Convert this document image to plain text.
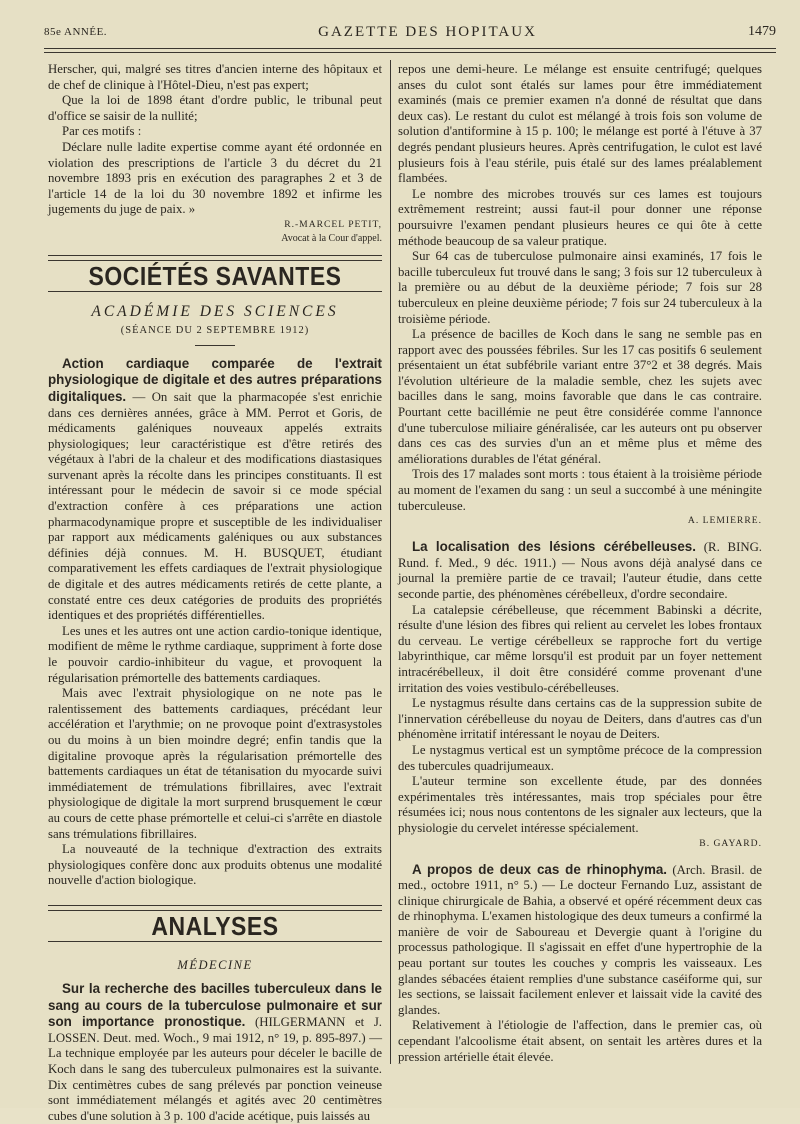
85e ANNÉE.	GAZETTE DES HOPITAUX	1479

Herscher, qui, malgré ses titres d'ancien interne des hôpitaux et de chef de clinique à l'Hôtel-Dieu, n'est pas expert;

Que la loi de 1898 étant d'ordre public, le tribunal peut d'office se saisir de la nullité;

Par ces motifs :

Déclare nulle ladite expertise comme ayant été ordonnée en violation des prescriptions de l'article 3 du décret du 21 novembre 1893 pris en exécution des paragraphes 2 et 3 de l'article 14 de la loi du 30 novembre 1892 et infirme les jugements du juge de paix. »

R.-MARCEL PETIT,
Avocat à la Cour d'appel.
SOCIÉTÉS SAVANTES
ACADÉMIE DES SCIENCES
(SÉANCE DU 2 SEPTEMBRE 1912)

Action cardiaque comparée de l'extrait physiologique de digitale et des autres préparations digitaliques. — On sait que la pharmacopée s'est enrichie dans ces dernières années, grâce à MM. Perrot et Goris, de médicaments galéniques nouveaux appelés extraits physiologiques; leur caractéristique est d'être retirés des végétaux à l'abri de la chaleur et des modifications diastasiques survenant après la récolte dans les principes constituants. Il est intéressant pour le médecin de savoir si ce mode spécial d'extraction confère à ces préparations une action pharmacodynamique propre et susceptible de les individualiser par rapport aux médicaments galéniques ou aux substances définies déjà connues. M. H. BUSQUET, étudiant comparativement les effets cardiaques de l'extrait physiologique de digitale et des autres médicaments retirés de cette plante, a constaté entre ces deux catégories de produits des propriétés identiques et des propriétés différentielles.

Les unes et les autres ont une action cardio-tonique identique, modifient de même le rythme cardiaque, suppriment à forte dose le pouvoir cardio-inhibiteur du vague, et provoquent la régularisation prémortelle des battements cardiaques.

Mais avec l'extrait physiologique on ne note pas le ralentissement des battements cardiaques, précédant leur accélération et l'arythmie; on ne provoque point d'extrasystoles ou du moins à un bien moindre degré; enfin tandis que la digitaline provoque après la régularisation prémortelle des battements cardiaques un état de tétanisation du myocarde suivi immédiatement de trémulations fibrillaires, avec l'extrait physiologique de digitale la mort surprend brusquement le cœur au cours de cette phase prémortelle et celui-ci s'arrête en diastole sans trémulations fibrillaires.

La nouveauté de la technique d'extraction des extraits physiologiques confère donc aux produits obtenus une modalité nouvelle d'action biologique.

ANALYSES
MÉDECINE

Sur la recherche des bacilles tuberculeux dans le sang au cours de la tuberculose pulmonaire et sur son importance pronostique. (HILGERMANN et J. LOSSEN. Deut. med. Woch., 9 mai 1912, n° 19, p. 895-897.) — La technique employée par les auteurs pour déceler le bacille de Koch dans le sang des tuberculeux pulmonaires est la suivante. Dix centimètres cubes de sang prélevés par ponction veineuse sont immédiatement mélangés et agités avec 20 centimètres cubes d'une solution à 3 p. 100 d'acide acétique, puis laissés au

repos une demi-heure. Le mélange est ensuite centrifugé; quelques anses du culot sont étalés sur lames pour être immédiatement examinés (mais ce premier examen n'a donné de résultat que dans deux cas). Le restant du culot est mélangé à trois fois son volume de solution d'antiformine à 15 p. 100; le mélange est porté à l'étuve à 37 degrés pendant plusieurs heures. Après centrifugation, le culot est lavé plusieurs fois à l'eau stérile, puis étalé sur des lames préalablement flambées.

Le nombre des microbes trouvés sur ces lames est toujours extrêmement restreint; aussi faut-il pour donner une réponse poursuivre l'examen pendant plusieurs heures ce qui ôte à cette méthode beaucoup de sa valeur pratique.

Sur 64 cas de tuberculose pulmonaire ainsi examinés, 17 fois le bacille tuberculeux fut trouvé dans le sang; 3 fois sur 12 tuberculeux à la première ou au début de la deuxième période; 7 fois sur 28 tuberculeux en pleine deuxième période; 7 fois sur 24 tuberculeux à la troisième période.

La présence de bacilles de Koch dans le sang ne semble pas en rapport avec des poussées fébriles. Sur les 17 cas positifs 6 seulement présentaient un état subfébrile variant entre 37°2 et 38 degrés. Mais l'évolution ultérieure de la maladie semble, chez les sujets avec bacilles dans le sang, moins favorable que dans le cas contraire. Pourtant cette bacillémie ne peut être considérée comme l'annonce d'une tuberculose miliaire généralisée, car les auteurs ont pu observer dans ces cas des survies d'un an et même plus et même des améliorations durables de l'état général.

Trois des 17 malades sont morts : tous étaient à la troisième période au moment de l'examen du sang : un seul a succombé à une méningite tuberculeuse.

A. LEMIERRE.

La localisation des lésions cérébelleuses. (R. BING. Rund. f. Med., 9 déc. 1911.) — Nous avons déjà analysé dans ce journal la première partie de ce travail; l'auteur étudie, dans cette seconde partie, des phénomènes cérébelleux, d'ordre secondaire.

La catalepsie cérébelleuse, que récemment Babinski a décrite, résulte d'une lésion des fibres qui relient au cervelet les lobes frontaux du cerveau. Le vertige cérébelleux se rapproche fort du vertige labyrinthique, car même lorsqu'il est produit par un foyer nettement intracérébelleux, il doit être considéré comme provenant d'une irritation des voies vestibulo-cérébelleuses.

Le nystagmus résulte dans certains cas de la suppression subite de l'innervation cérébelleuse du noyau de Deiters, dans d'autres cas d'un phénomène irritatif intéressant le noyau de Deiters.

Le nystagmus vertical est un symptôme précoce de la compression des tubercules quadrijumeaux.

L'auteur termine son excellente étude, par des données expérimentales très intéressantes, mais trop spéciales pour être résumées ici; nous nous contentons de les signaler aux lecteurs, que la physiologie du cervelet intéresse spécialement.

B. GAYARD.

A propos de deux cas de rhinophyma. (Arch. Brasil. de med., octobre 1911, n° 5.) — Le docteur Fernando Luz, assistant de clinique chirurgicale de Bahia, a observé et opéré récemment deux cas de rhinophyma. L'examen histologique des deux tumeurs a confirmé la manière de voir de Saboureau et Devergie quant à l'origine du processus pathologique. Il s'agissait en effet d'une hypertrophie de la peau portant sur toutes les couches y compris les vaisseaux. Les glandes sébacées étaient remplies d'une substance caséiforme qui, sur les sections, se laissait facilement enlever et laissait vide la cavité des glandes.

Relativement à l'étiologie de l'affection, dans le premier cas, où cependant l'alcoolisme était absent, on sentait les artères dures et la pression artérielle était élevée.
